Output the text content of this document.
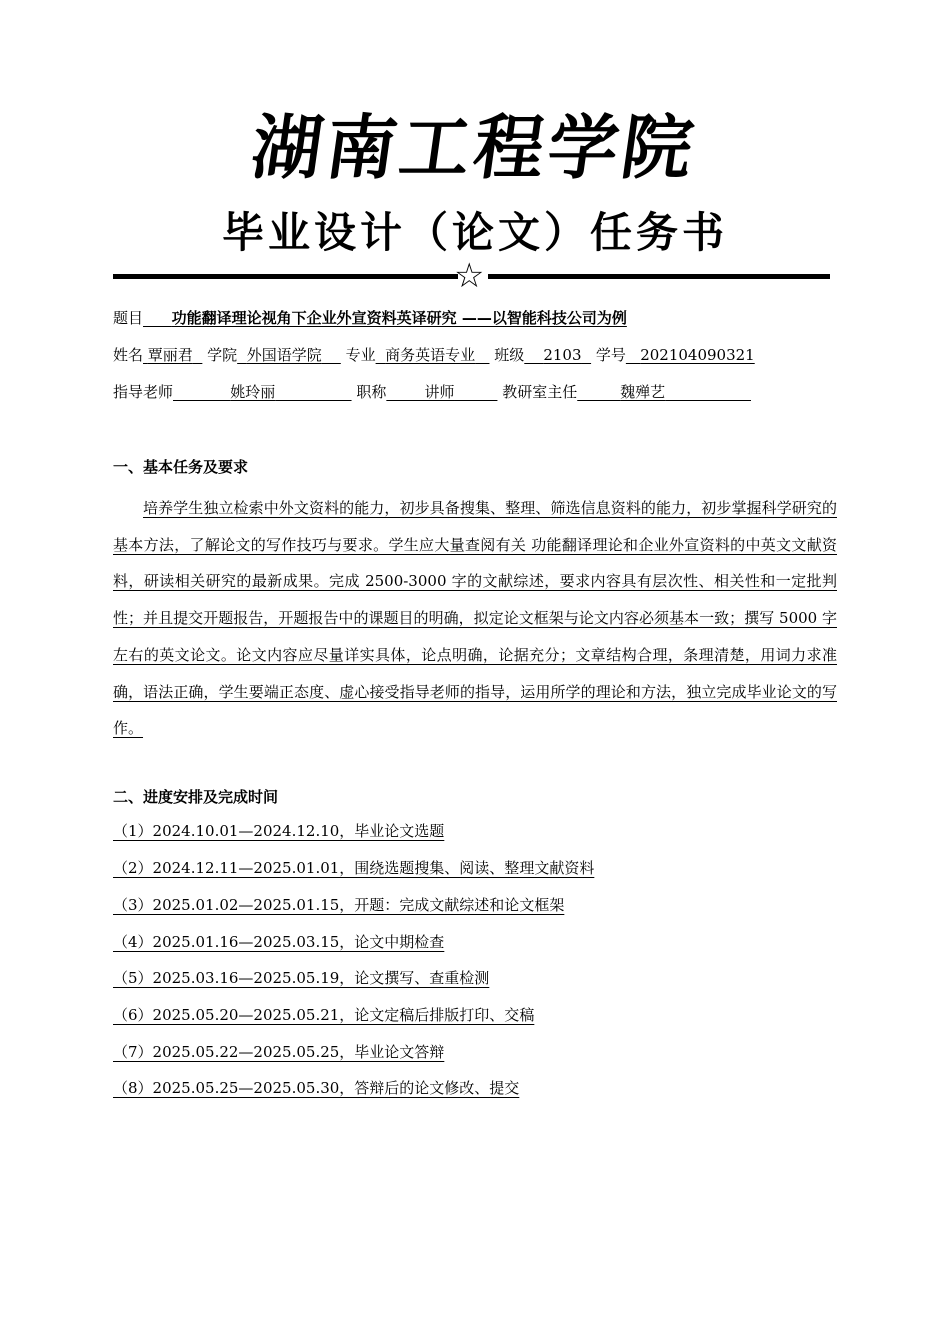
湖南工程学院
毕业设计（论文）任务书
☆
题目 功能翻译理论视角下企业外宣资料英译研究 ——以智能科技公司为例
姓名 覃丽君 学院 外国语学院 专业 商务英语专业 班级 2103 学号 202104090321
指导老师	姚玲丽	职称	讲师	教研室主任	魏殚艺
一、基本任务及要求

培养学生独立检索中外文资料的能力，初步具备搜集、整理、筛选信息资料的能力，初步掌握科学研究的基本方法，了解论文的写作技巧与要求。学生应大量查阅有关 功能翻译理论和企业外宣资料的中英文文献资料，研读相关研究的最新成果。完成 2500-3000 字的文献综述，要求内容具有层次性、相关性和一定批判性；并且提交开题报告，开题报告中的课题目的明确，拟定论文框架与论文内容必须基本一致；撰写 5000 字左右的英文论文。论文内容应尽量详实具体，论点明确，论据充分；文章结构合理，条理清楚，用词力求准确，语法正确，学生要端正态度、虚心接受指导老师的指导，运用所学的理论和方法，独立完成毕业论文的写作。

二、进度安排及完成时间
（1）2024.10.01—2024.12.10，毕业论文选题
（2）2024.12.11—2025.01.01，围绕选题搜集、阅读、整理文献资料
（3）2025.01.02—2025.01.15，开题：完成文献综述和论文框架
（4）2025.01.16—2025.03.15，论文中期检查
（5）2025.03.16—2025.05.19，论文撰写、查重检测
（6）2025.05.20—2025.05.21，论文定稿后排版打印、交稿
（7）2025.05.22—2025.05.25，毕业论文答辩
（8）2025.05.25—2025.05.30，答辩后的论文修改、提交
